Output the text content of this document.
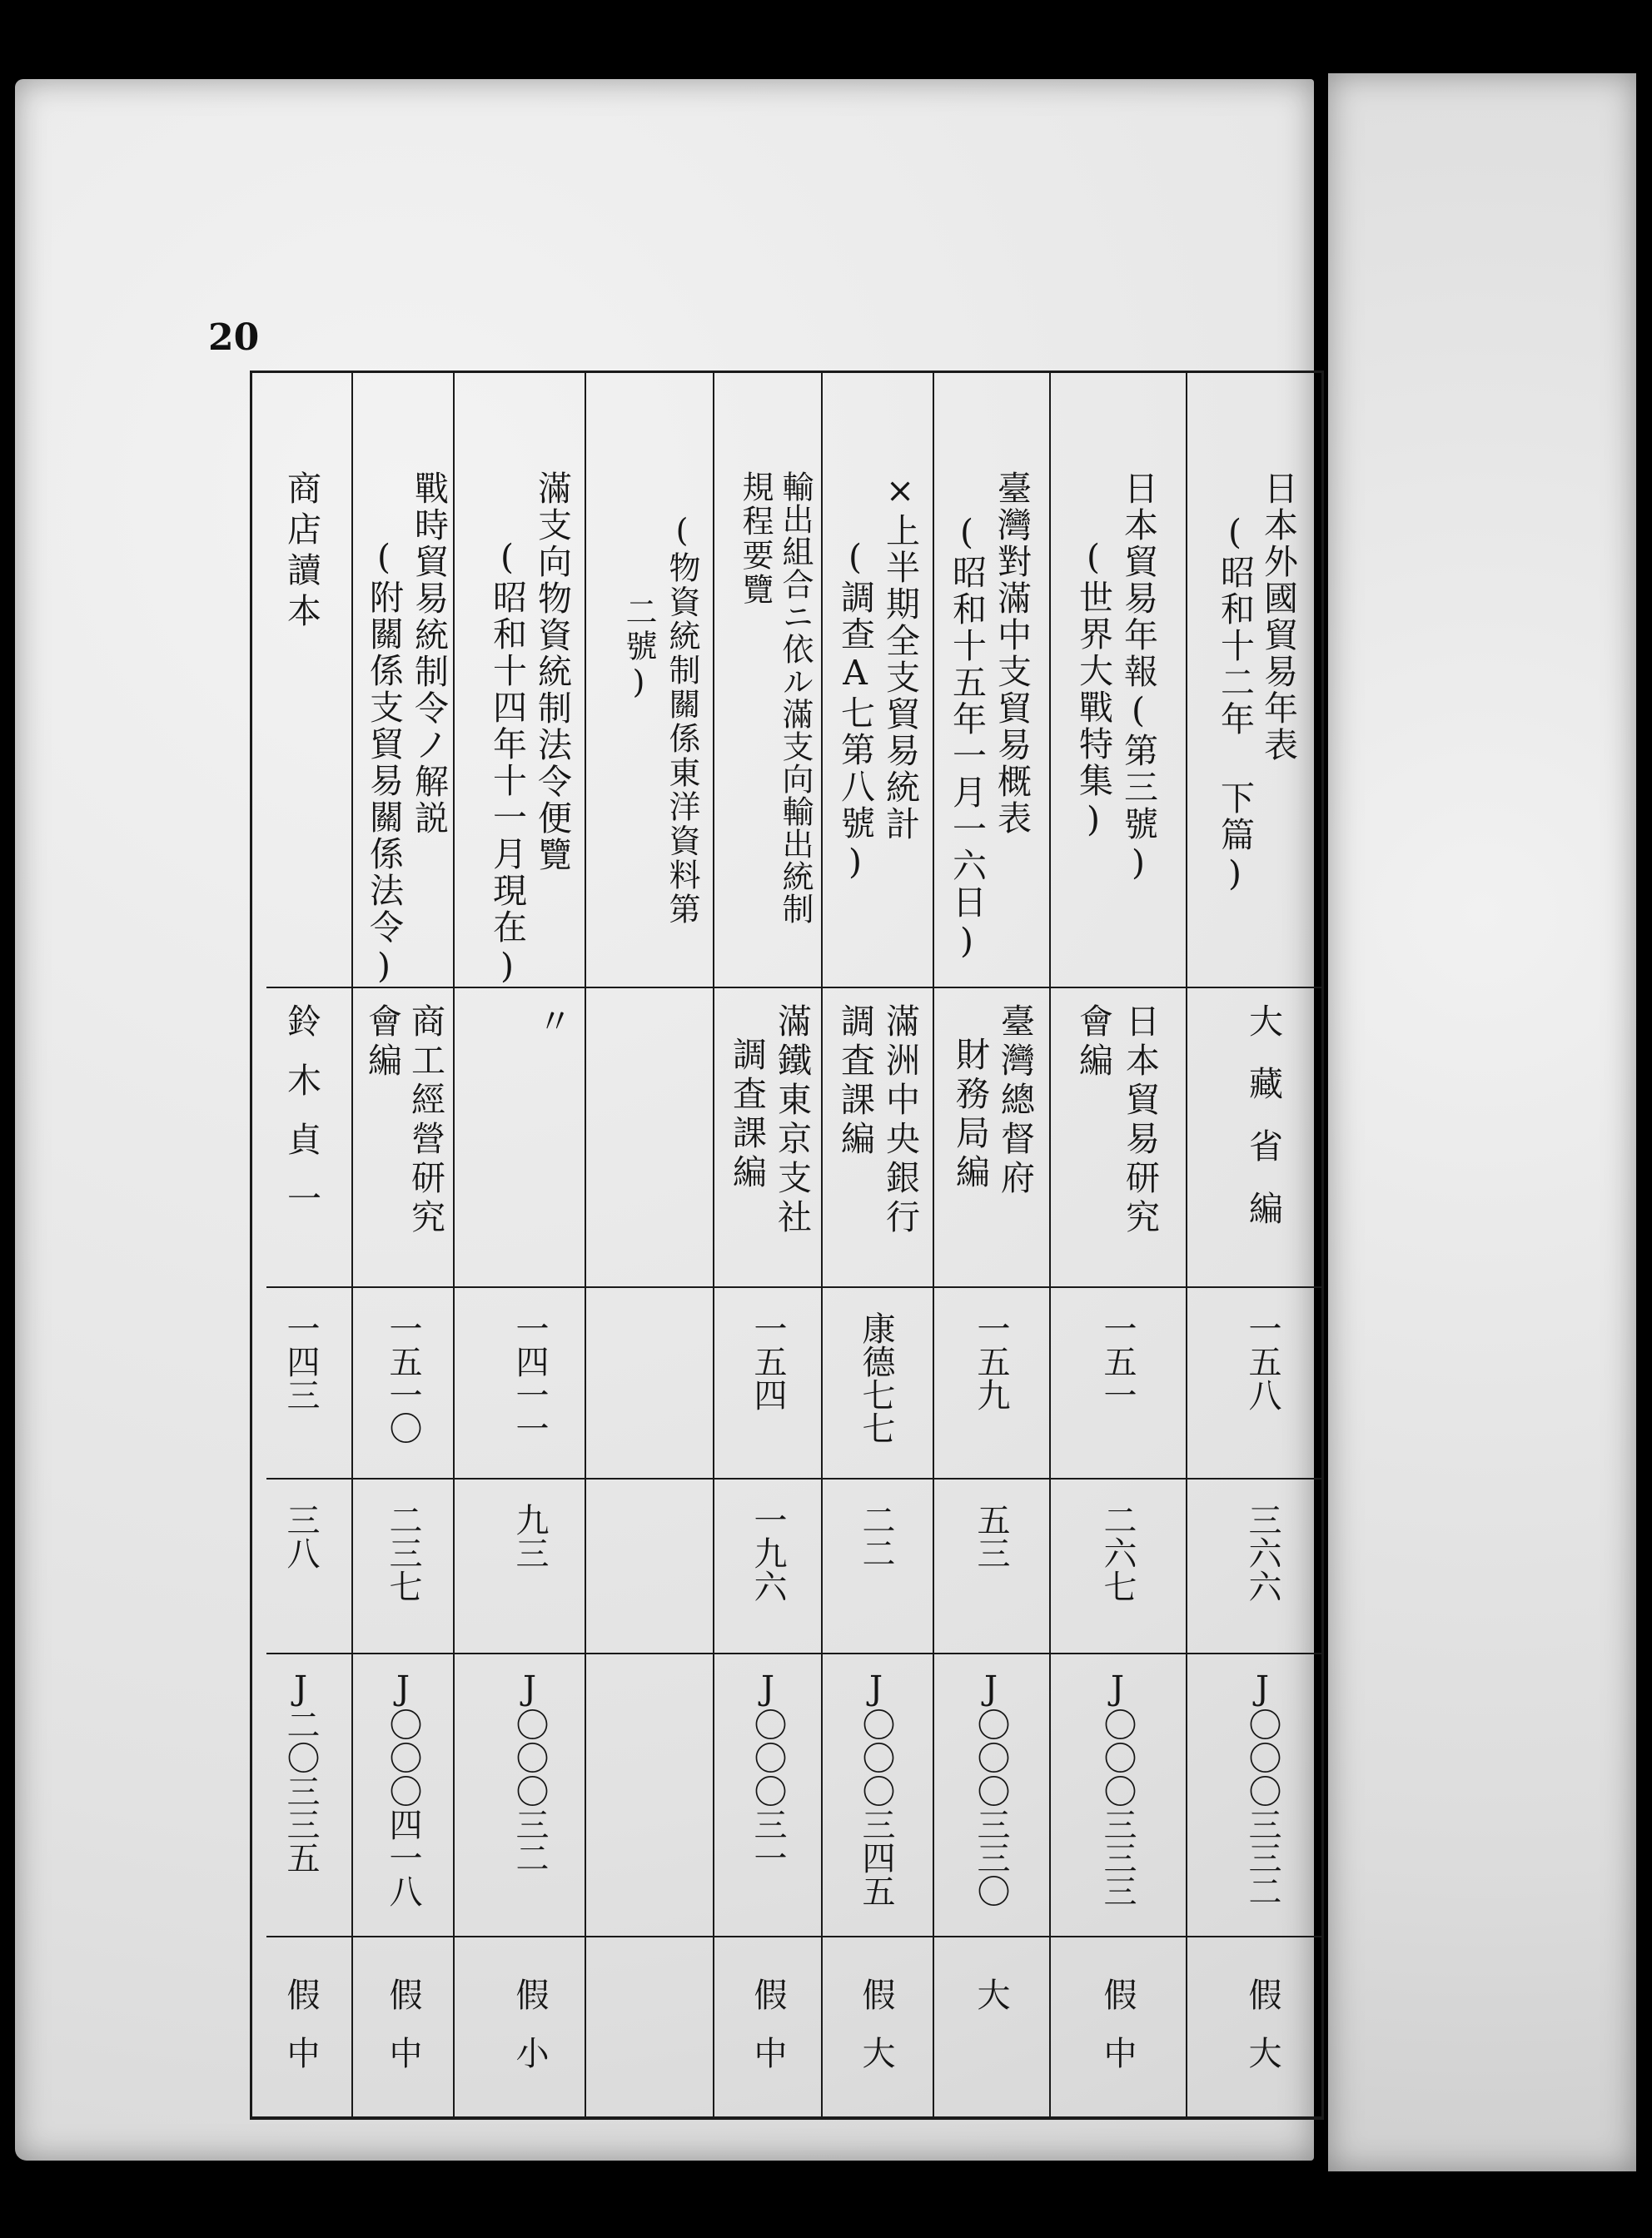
20
日本外國貿易年表
(昭和十二年 下篇)
大藏省編
一五八
三六六
J〇〇〇三三二
假大
日本貿易年報(第三號)
(世界大戰特集)
日本貿易研究
會編
一五一
二六七
J〇〇〇三三三
假中
臺灣對滿中支貿易概表
(昭和十五年一月一六日)
臺灣總督府
財務局編
一五九
五三
J〇〇〇三三〇
大
×上半期全支貿易統計
(調查A七第八號)
滿洲中央銀行
調査課編
康德七七
二二
J〇〇〇三四五
假大
輸出組合ニ依ル滿支向輸出統制
規程要覽
滿鐵東京支社
調査課編
一五四
一九六
J〇〇〇三一
假中
(物資統制關係東洋資料第
二號)
滿支向物資統制法令便覽
(昭和十四年十一月現在)
〃
一四一一
九三
J〇〇〇三二
假小
戰時貿易統制令ノ解説
(附關係支貿易關係法令)
商工經營研究
會編
一五一〇
二三七
J〇〇〇四一八
假中
商店讀本
鈴木貞一
一四三
三八
J二〇三三五
假中
